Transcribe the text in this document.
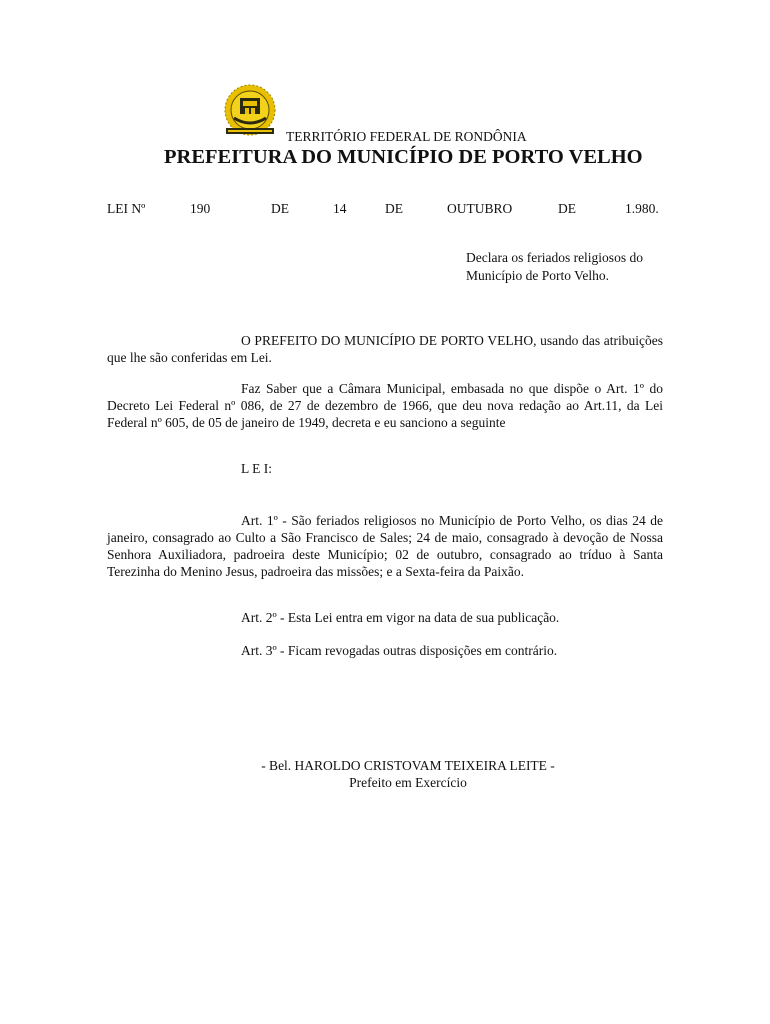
TERRITÓRIO FEDERAL DE RONDÔNIA
PREFEITURA DO MUNICÍPIO DE PORTO VELHO
LEI Nº	190	DE	14	DE	OUTUBRO	DE	1.980.
Declara os feriados religiosos do
Município de Porto Velho.

O PREFEITO DO MUNICÍPIO DE PORTO VELHO, usando das atribuições que lhe são conferidas em Lei.

Faz Saber que a Câmara Municipal, embasada no que dispõe o Art. 1º do Decreto Lei Federal nº 086, de 27 de dezembro de 1966, que deu nova redação ao Art.11, da Lei Federal nº 605, de 05 de janeiro de 1949, decreta e eu sanciono a seguinte

L E I:

Art. 1º - São feriados religiosos no Município de Porto Velho, os dias 24 de janeiro, consagrado ao Culto a São Francisco de Sales; 24 de maio, consagrado à devoção de Nossa Senhora Auxiliadora, padroeira deste Município; 02 de outubro, consagrado ao tríduo à Santa Terezinha do Menino Jesus, padroeira das missões; e a Sexta-feira da Paixão.

Art. 2º - Esta Lei entra em vigor na data de sua publicação.
Art. 3º - Ficam revogadas outras disposições em contrário.
- Bel. HAROLDO CRISTOVAM TEIXEIRA LEITE -
Prefeito em Exercício
